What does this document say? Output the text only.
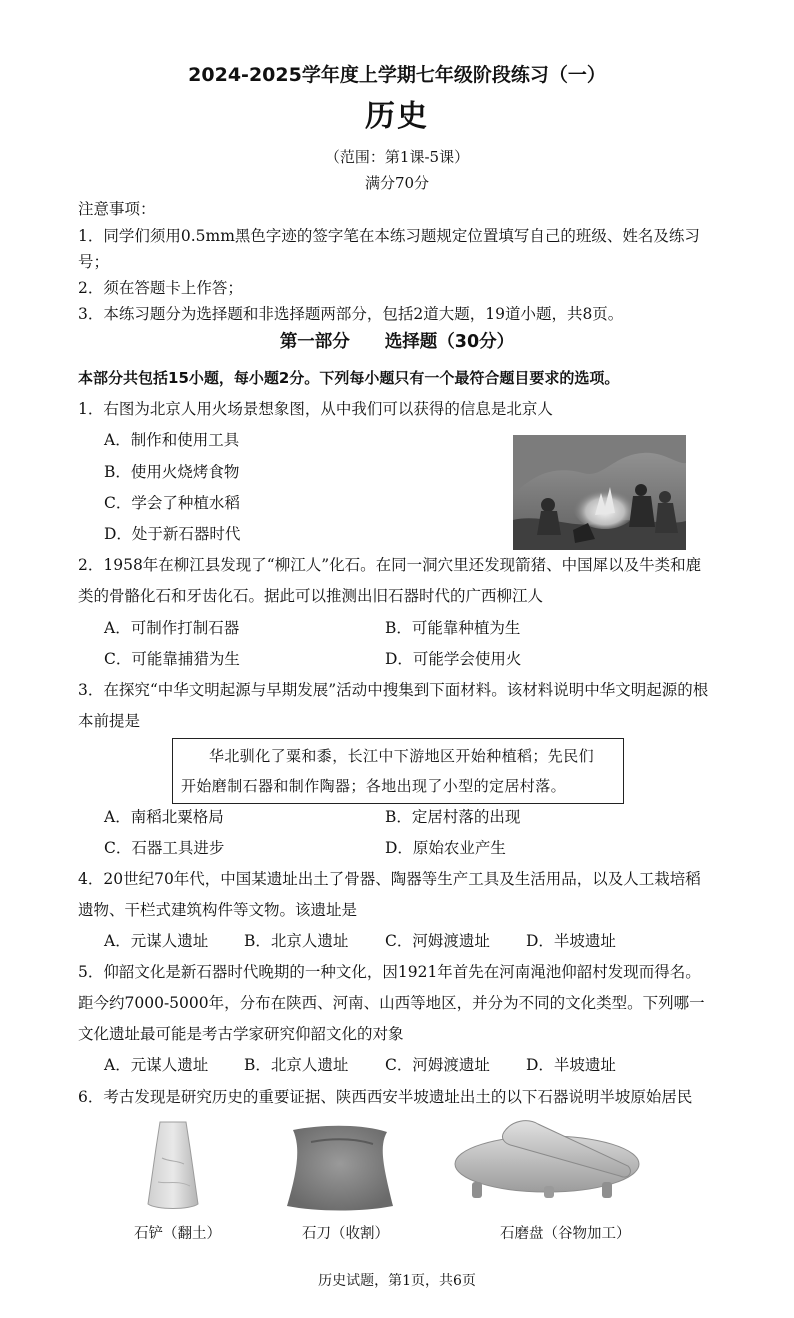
2024-2025学年度上学期七年级阶段练习（一）
历史
（范围：第1课-5课）
满分70分
注意事项：
1．同学们须用0.5mm黑色字迹的签字笔在本练习题规定位置填写自己的班级、姓名及练习
号；
2．须在答题卡上作答；
3．本练习题分为选择题和非选择题两部分，包括2道大题，19道小题，共8页。
第一部分　　选择题（30分）
本部分共包括15小题，每小题2分。下列每小题只有一个最符合题目要求的选项。
1．右图为北京人用火场景想象图，从中我们可以获得的信息是北京人
A．制作和使用工具
B．使用火烧烤食物
C．学会了种植水稻
D．处于新石器时代
2．1958年在柳江县发现了“柳江人”化石。在同一洞穴里还发现箭猪、中国犀以及牛类和鹿
类的骨骼化石和牙齿化石。据此可以推测出旧石器时代的广西柳江人
A．可制作打制石器	B．可能靠种植为生
C．可能靠捕猎为生	D．可能学会使用火
3．在探究“中华文明起源与早期发展”活动中搜集到下面材料。该材料说明中华文明起源的根
本前提是
华北驯化了粟和黍，长江中下游地区开始种植稻；先民们
开始磨制石器和制作陶器；各地出现了小型的定居村落。
A．南稻北粟格局	B．定居村落的出现
C．石器工具进步	D．原始农业产生
4．20世纪70年代，中国某遗址出土了骨器、陶器等生产工具及生活用品，以及人工栽培稻
遗物、干栏式建筑构件等文物。该遗址是
A．元谋人遗址 B．北京人遗址 C．河姆渡遗址 D．半坡遗址
5．仰韶文化是新石器时代晚期的一种文化，因1921年首先在河南渑池仰韶村发现而得名。
距今约7000-5000年，分布在陕西、河南、山西等地区，并分为不同的文化类型。下列哪一
文化遗址最可能是考古学家研究仰韶文化的对象
A．元谋人遗址 B．北京人遗址 C．河姆渡遗址 D．半坡遗址
6．考古发现是研究历史的重要证据、陕西西安半坡遗址出土的以下石器说明半坡原始居民
石铲（翻土）	石刀（收割）	石磨盘（谷物加工）
历史试题，第1页，共6页
